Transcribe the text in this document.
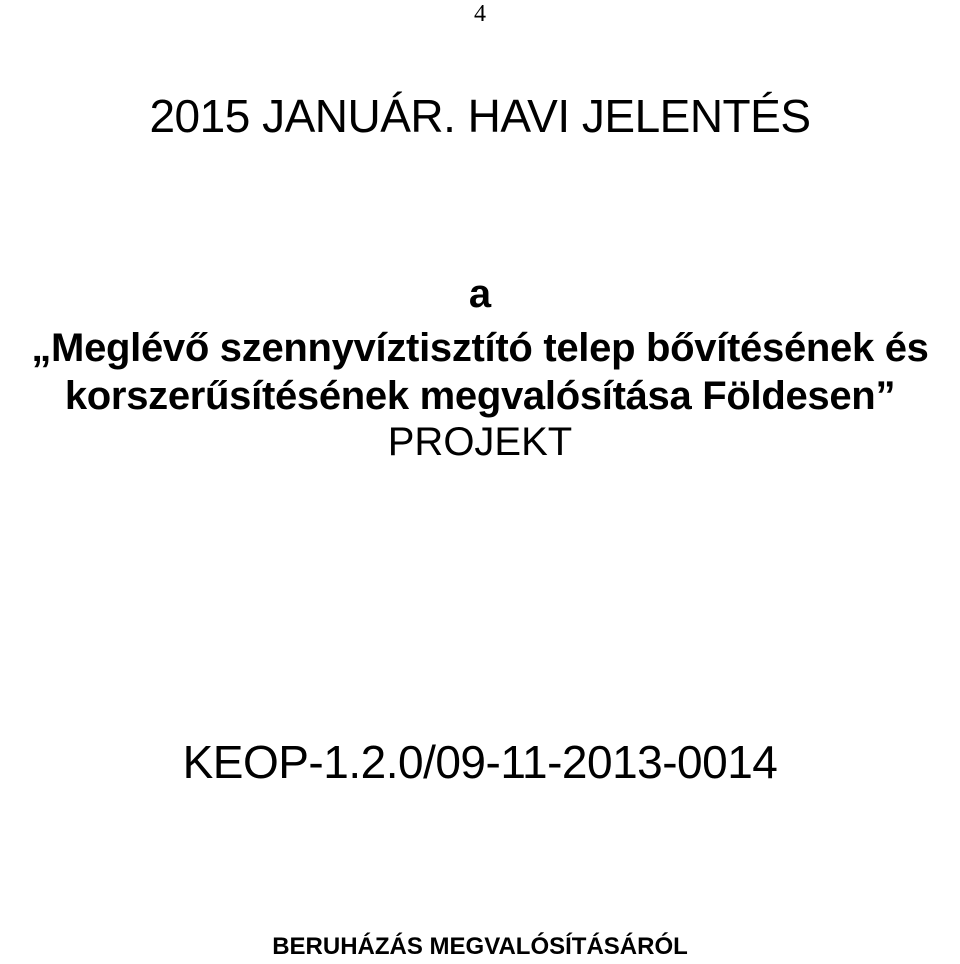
4
2015 JANUÁR. HAVI JELENTÉS
a
„Meglévő szennyvíztisztító telep bővítésének és
korszerűsítésének megvalósítása Földesen”
PROJEKT
KEOP-1.2.0/09-11-2013-0014
BERUHÁZÁS MEGVALÓSÍTÁSÁRÓL
